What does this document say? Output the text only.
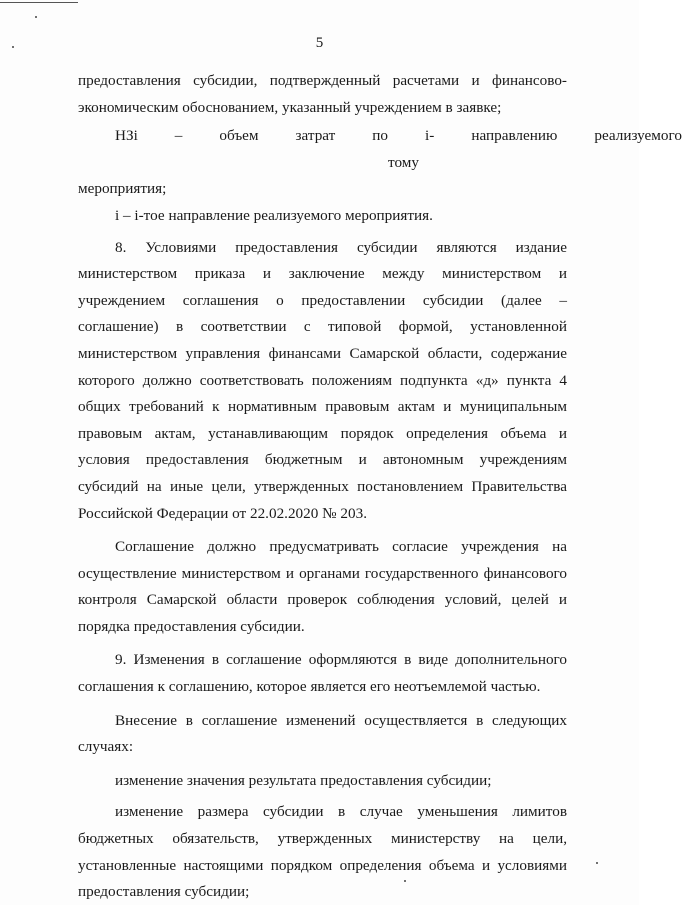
5

предоставления субсидии, подтвержденный расчетами и финансово-экономическим обоснованием, указанный учреждением в заявке;

НЗi	–	объем	затрат	по	i-тому
направлению	реализуемого

мероприятия;

i – i-тое направление реализуемого мероприятия.

8. Условиями предоставления субсидии являются издание министерством приказа и заключение между министерством и учреждением соглашения о предоставлении субсидии (далее – соглашение) в соответствии с типовой формой, установленной министерством управления финансами Самарской области, содержание которого должно соответствовать положениям подпункта «д» пункта 4 общих требований к нормативным правовым актам и муниципальным правовым актам, устанавливающим порядок определения объема и условия предоставления бюджетным и автономным учреждениям субсидий на иные цели, утвержденных постановлением Правительства Российской Федерации от 22.02.2020 № 203.

Соглашение должно предусматривать согласие учреждения на осуществление министерством и органами государственного финансового контроля Самарской области проверок соблюдения условий, целей и порядка предоставления субсидии.

9. Изменения в соглашение оформляются в виде дополнительного соглашения к соглашению, которое является его неотъемлемой частью.

Внесение в соглашение изменений осуществляется в следующих случаях:

изменение значения результата предоставления субсидии;

изменение размера субсидии в случае уменьшения лимитов бюджетных обязательств, утвержденных министерству на цели, установленные настоящими порядком определения объема и условиями предоставления субсидии;
